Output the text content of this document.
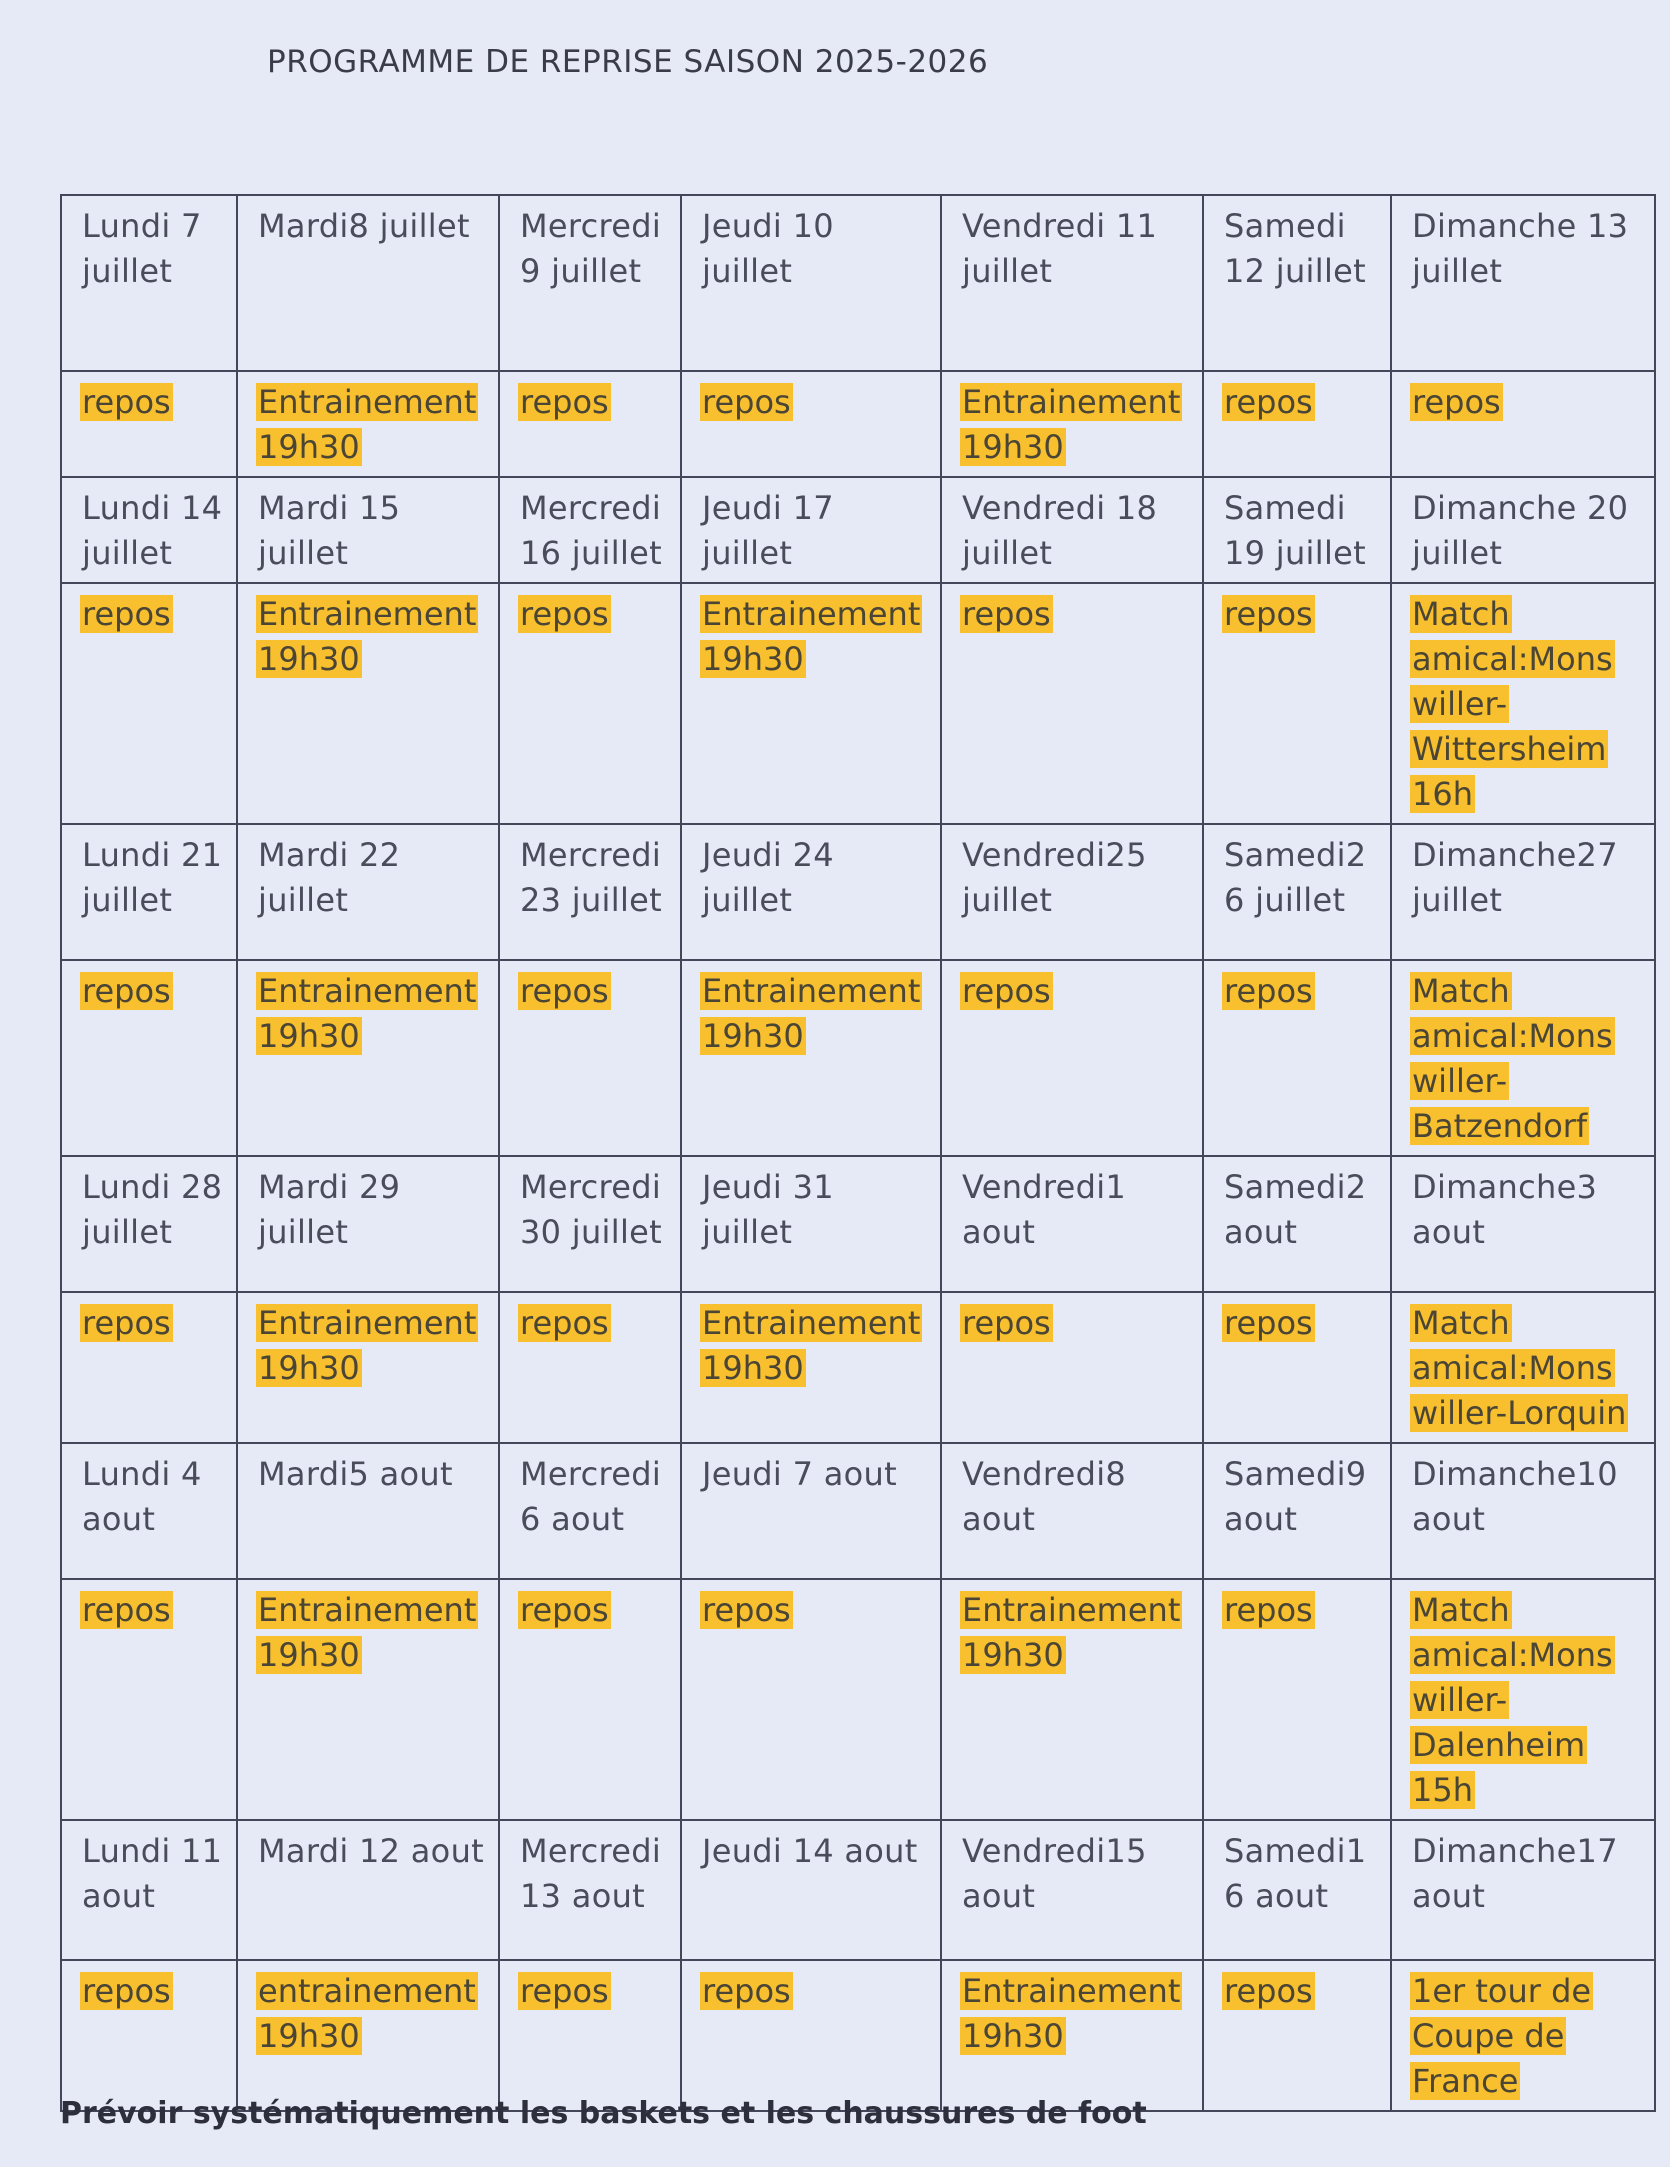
PROGRAMME DE REPRISE SAISON 2025-2026
Lundi 7 juillet	Mardi8 juillet	Mercredi 9 juillet	Jeudi 10 juillet	Vendredi 11 juillet	Samedi 12 juillet	Dimanche 13 juillet
repos	Entrainement 19h30	repos	repos	Entrainement 19h30	repos	repos
Lundi 14 juillet	Mardi 15 juillet	Mercredi 16 juillet	Jeudi 17 juillet	Vendredi 18 juillet	Samedi 19 juillet	Dimanche 20 juillet
repos	Entrainement 19h30	repos	Entrainement 19h30	repos	repos	Match amical:Mons willer-Wittersheim 16h
Lundi 21 juillet	Mardi 22 juillet	Mercredi 23 juillet	Jeudi 24 juillet	Vendredi25 juillet	Samedi2 6 juillet	Dimanche27 juillet
repos	Entrainement 19h30	repos	Entrainement 19h30	repos	repos	Match amical:Mons willer-Batzendorf
Lundi 28 juillet	Mardi 29 juillet	Mercredi 30 juillet	Jeudi 31 juillet	Vendredi1 aout	Samedi2 aout	Dimanche3 aout
repos	Entrainement 19h30	repos	Entrainement 19h30	repos	repos	Match amical:Mons willer-Lorquin
Lundi 4 aout	Mardi5 aout	Mercredi 6 aout	Jeudi 7 aout	Vendredi8 aout	Samedi9 aout	Dimanche10 aout
repos	Entrainement 19h30	repos	repos	Entrainement 19h30	repos	Match amical:Mons willer-Dalenheim 15h
Lundi 11 aout	Mardi 12 aout	Mercredi 13 aout	Jeudi 14 aout	Vendredi15 aout	Samedi1 6 aout	Dimanche17 aout
repos	entrainement 19h30	repos	repos	Entrainement 19h30	repos	1er tour de Coupe de France
Prévoir systématiquement les baskets et les chaussures de foot
